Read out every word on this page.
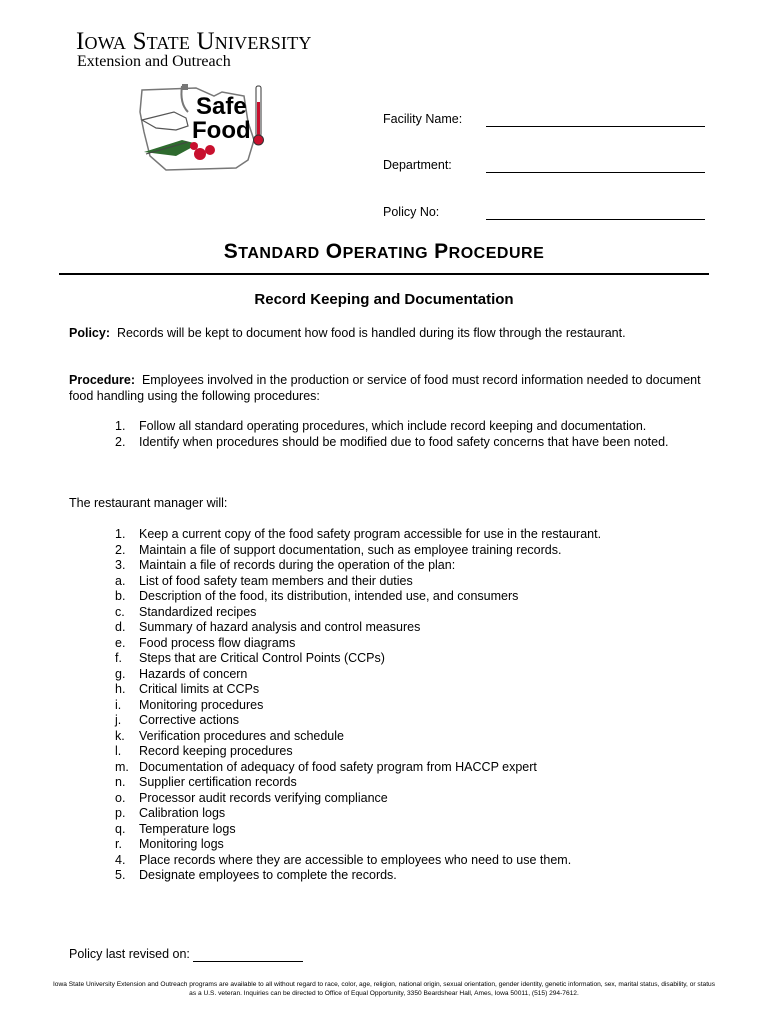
Iowa State University
Extension and Outreach
Safe
Food	Facility Name:
Department:
Policy No:
STANDARD OPERATING PROCEDURE
Record Keeping and Documentation
Policy: Records will be kept to document how food is handled during its flow through the restaurant.
Procedure: Employees involved in the production or service of food must record information needed to document food handling using the following procedures:
1. Follow all standard operating procedures, which include record keeping and documentation.
2. Identify when procedures should be modified due to food safety concerns that have been noted.
The restaurant manager will:
1. Keep a current copy of the food safety program accessible for use in the restaurant.
2. Maintain a file of support documentation, such as employee training records.
3. Maintain a file of records during the operation of the plan:
a. List of food safety team members and their duties
b. Description of the food, its distribution, intended use, and consumers
c. Standardized recipes
d. Summary of hazard analysis and control measures
e. Food process flow diagrams
f. Steps that are Critical Control Points (CCPs)
g. Hazards of concern
h. Critical limits at CCPs
i. Monitoring procedures
j. Corrective actions
k. Verification procedures and schedule
l. Record keeping procedures
m. Documentation of adequacy of food safety program from HACCP expert
n. Supplier certification records
o. Processor audit records verifying compliance
p. Calibration logs
q. Temperature logs
r. Monitoring logs
4. Place records where they are accessible to employees who need to use them.
5. Designate employees to complete the records.
Policy last revised on:
Iowa State University Extension and Outreach programs are available to all without regard to race, color, age, religion, national origin, sexual orientation, gender identity, genetic information, sex, marital status, disability, or status as a U.S. veteran. Inquiries can be directed to Office of Equal Opportunity, 3350 Beardshear Hall, Ames, Iowa 50011, (515) 294-7612.
